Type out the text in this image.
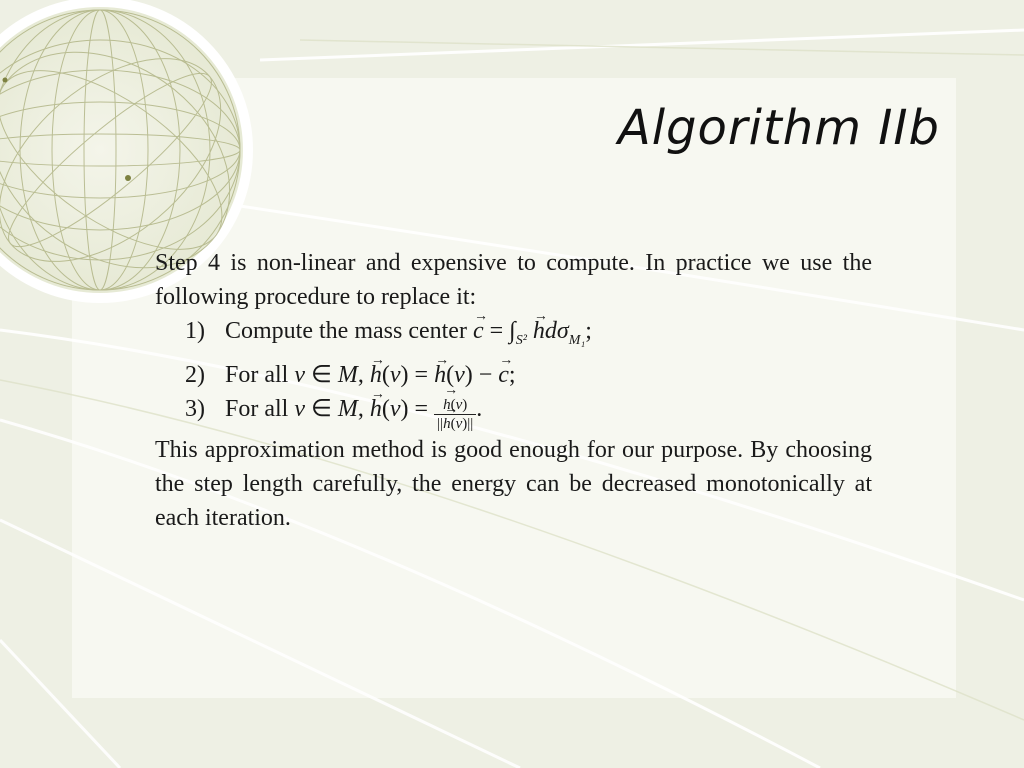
Algorithm IIb

Step 4 is non-linear and expensive to compute. In practice we use the following procedure to replace it:

1) Compute the mass center c → = $\int_{S^2}$ $h \to d\sigma_{M_1}$;
2) For all v ∈ M, h →(v) = h →(v) − c →;
3) For all v ∈ M, $h \to(v) = \frac{h \to(v)}{||h \to(v)||}$ .

This approximation method is good enough for our purpose. By choosing the step length carefully, the energy can be decreased monotonically at each iteration.
